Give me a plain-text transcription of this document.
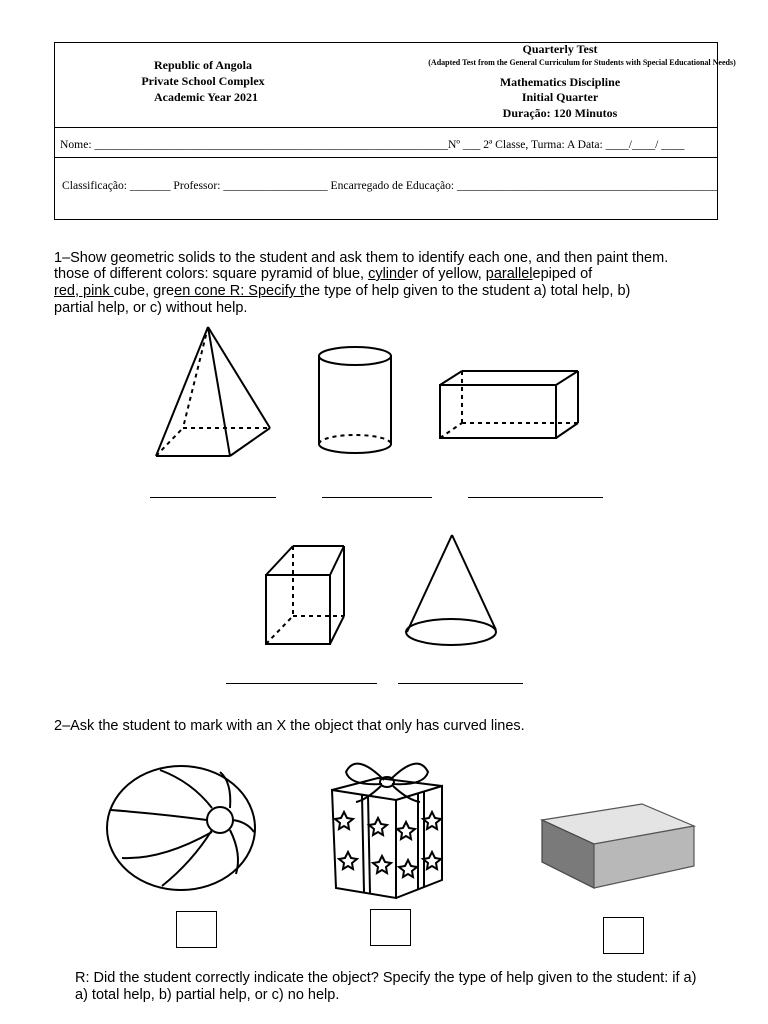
Republic of Angola
Private School Complex
Academic Year 2021
Quarterly Test
(Adapted Test from the General Curriculum for Students with Special Educational Needs)
Mathematics Discipline
Initial Quarter
Duração: 120 Minutos
Nome: _____________________________________________________________Nº ___ 2ª Classe, Turma: A Data: ____/____/ ____
Classificação: _______ Professor: __________________ Encarregado de Educação: _____________________________________________
1–Show geometric solids to the student and ask them to identify each one, and then paint them.
those of different colors: square pyramid of blue, cylinder of yellow, parallelepiped of
red, pink cube, green cone R: Specify the type of help given to the student a) total help, b)
partial help, or c) without help.
2–Ask the student to mark with an X the object that only has curved lines.
R: Did the student correctly indicate the object? Specify the type of help given to the student: if a)
a) total help, b) partial help, or c) no help.
